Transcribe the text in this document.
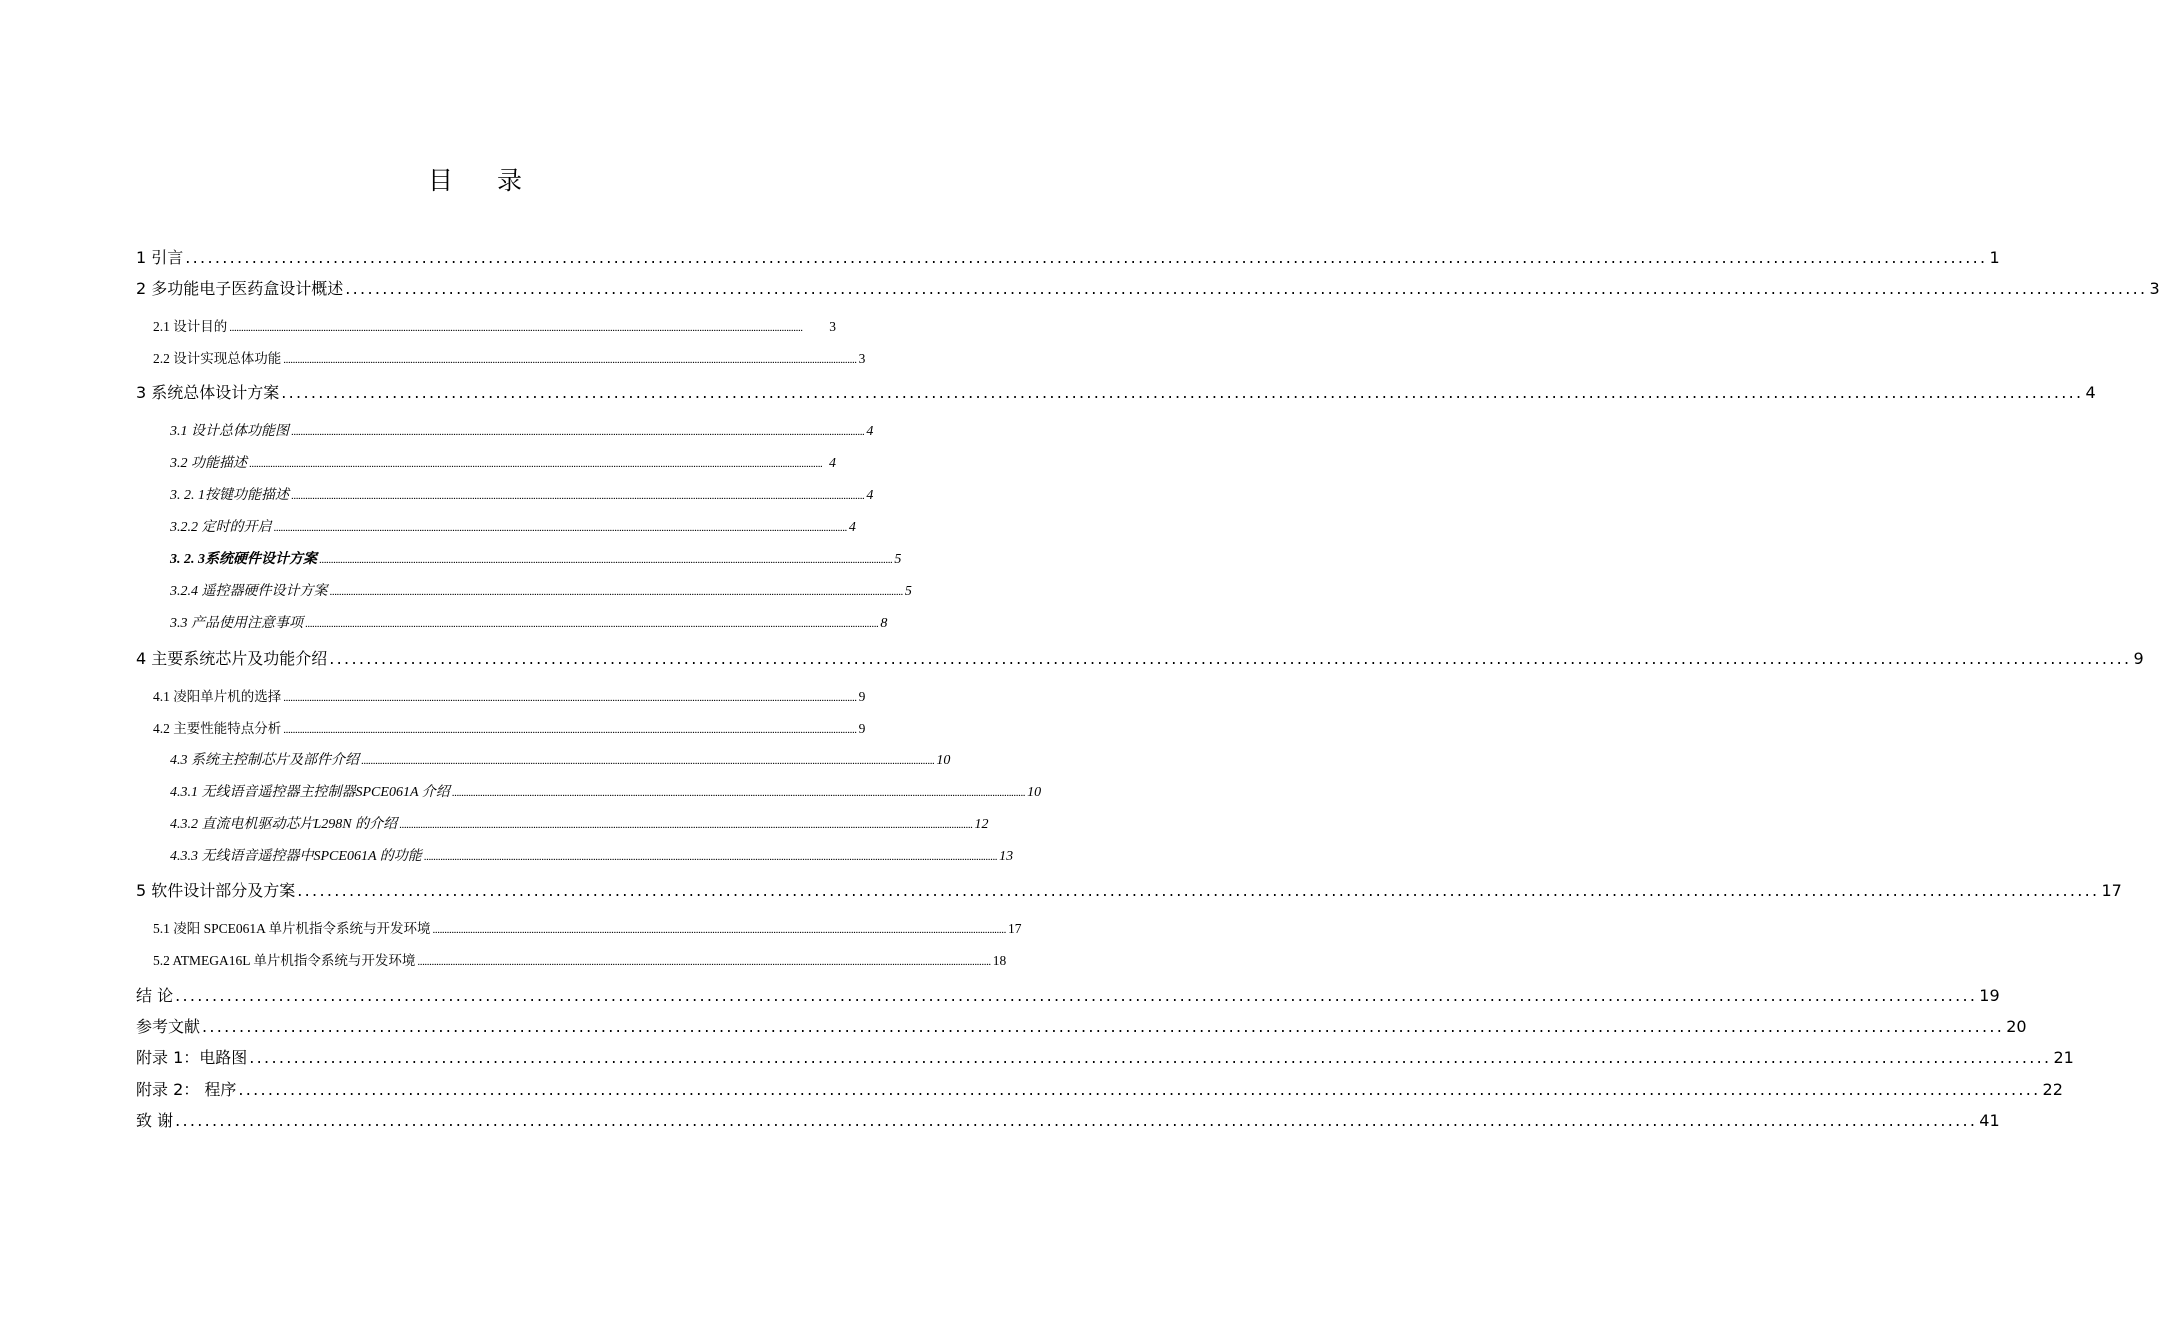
目录
1 引言 .................................................................................................................................................................................................................................................... 1
2 多功能电子医药盒设计概述 .................................................................................................................................................................................................................................................... 3
2.1 设计目的 ....................................................................................................................................................................................................................................................	3
2.2 设计实现总体功能 .................................................................................................................................................................................................................................................... 3
3 系统总体设计方案 .................................................................................................................................................................................................................................................... 4
3.1 设计总体功能图 .................................................................................................................................................................................................................................................... 4
3.2 功能描述 .................................................................................................................................................................................................................................................... 4
3. 2. 1按键功能描述 .................................................................................................................................................................................................................................................... 4
3.2.2 定时的开启 .................................................................................................................................................................................................................................................... 4
3. 2. 3系统硬件设计方案 .................................................................................................................................................................................................................................................... 5
3.2.4 遥控器硬件设计方案 .................................................................................................................................................................................................................................................... 5
3.3 产品使用注意事项 .................................................................................................................................................................................................................................................... 8
4 主要系统芯片及功能介绍 .................................................................................................................................................................................................................................................... 9
4.1 凌阳单片机的选择 .................................................................................................................................................................................................................................................... 9
4.2 主要性能特点分析 .................................................................................................................................................................................................................................................... 9
4.3 系统主控制芯片及部件介绍 .................................................................................................................................................................................................................................................... 10
4.3.1 无线语音遥控器主控制器SPCE061A 介绍 .................................................................................................................................................................................................................................................... 10
4.3.2 直流电机驱动芯片L298N 的介绍 .................................................................................................................................................................................................................................................... 12
4.3.3 无线语音遥控器中SPCE061A 的功能 .................................................................................................................................................................................................................................................... 13
5 软件设计部分及方案 .................................................................................................................................................................................................................................................... 17
5.1 凌阳 SPCE061A 单片机指令系统与开发环境 .................................................................................................................................................................................................................................................... 17
5.2 ATMEGA16L 单片机指令系统与开发环境 .................................................................................................................................................................................................................................................... 18
结 论 .................................................................................................................................................................................................................................................... 19
参考文献 .................................................................................................................................................................................................................................................... 20
附录 1：电路图 .................................................................................................................................................................................................................................................... 21
附录 2： 程序 .................................................................................................................................................................................................................................................... 22
致 谢 .................................................................................................................................................................................................................................................... 41
